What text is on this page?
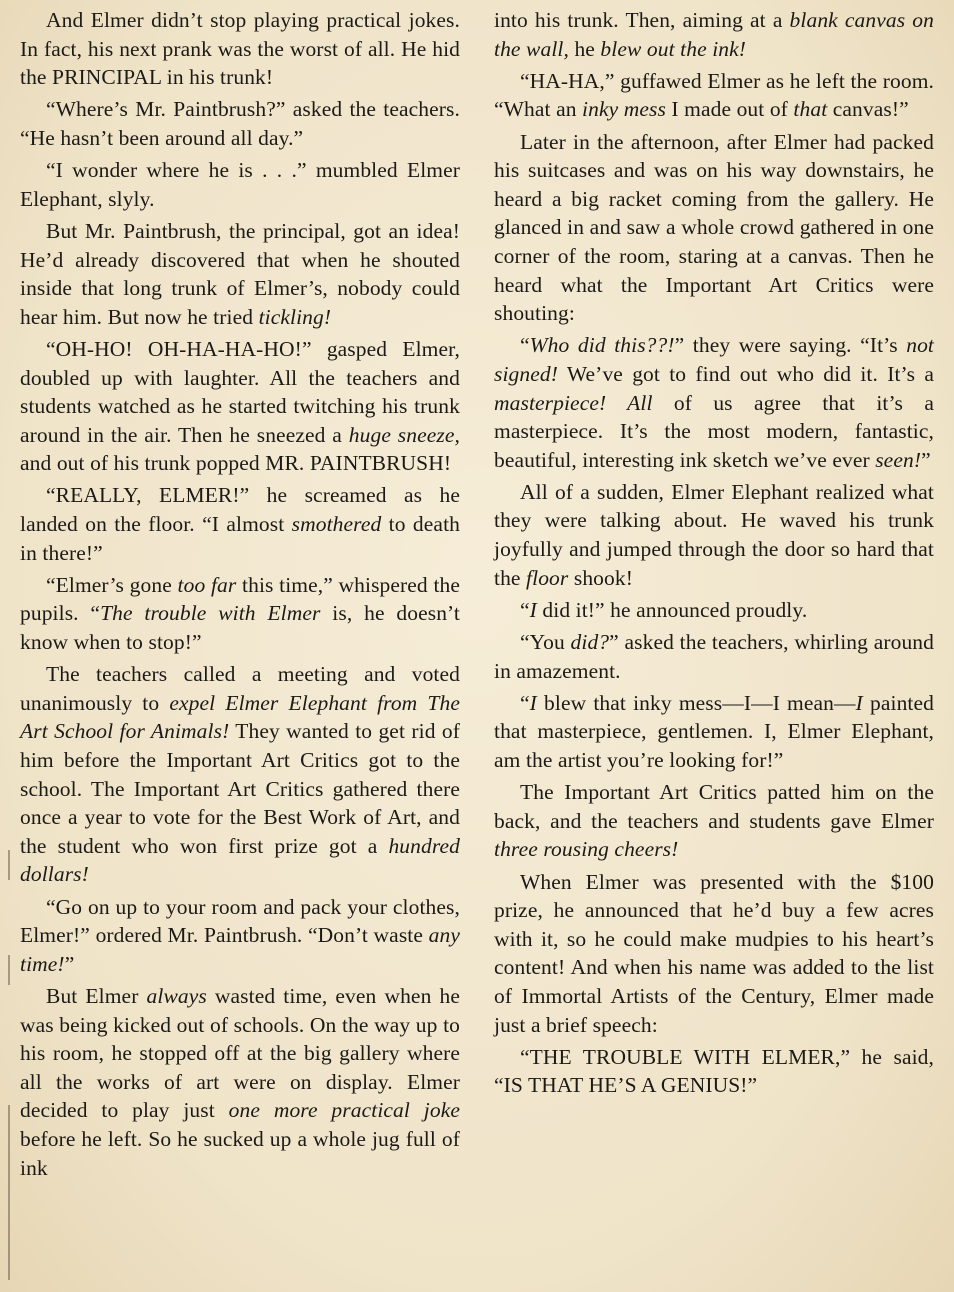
And Elmer didn’t stop playing practical jokes. In fact, his next prank was the worst of all. He hid the PRINCIPAL in his trunk!

“Where’s Mr. Paintbrush?” asked the teachers. “He hasn’t been around all day.”

“I wonder where he is . . .” mumbled Elmer Elephant, slyly.

But Mr. Paintbrush, the principal, got an idea! He’d already discovered that when he shouted inside that long trunk of Elmer’s, nobody could hear him. But now he tried tickling!

“OH-HO! OH-HA-HA-HO!” gasped Elmer, doubled up with laughter. All the teachers and students watched as he started twitching his trunk around in the air. Then he sneezed a huge sneeze, and out of his trunk popped MR. PAINTBRUSH!

“REALLY, ELMER!” he screamed as he landed on the floor. “I almost smothered to death in there!”

“Elmer’s gone too far this time,” whispered the pupils. “The trouble with Elmer is, he doesn’t know when to stop!”

The teachers called a meeting and voted unanimously to expel Elmer Elephant from The Art School for Animals! They wanted to get rid of him before the Important Art Critics got to the school. The Important Art Critics gathered there once a year to vote for the Best Work of Art, and the student who won first prize got a hundred dollars!

“Go on up to your room and pack your clothes, Elmer!” ordered Mr. Paintbrush. “Don’t waste any time!”

But Elmer always wasted time, even when he was being kicked out of schools. On the way up to his room, he stopped off at the big gallery where all the works of art were on display. Elmer decided to play just one more practical joke before he left. So he sucked up a whole jug full of ink

into his trunk. Then, aiming at a blank canvas on the wall, he blew out the ink!

“HA-HA,” guffawed Elmer as he left the room. “What an inky mess I made out of that canvas!”

Later in the afternoon, after Elmer had packed his suitcases and was on his way downstairs, he heard a big racket coming from the gallery. He glanced in and saw a whole crowd gathered in one corner of the room, staring at a canvas. Then he heard what the Important Art Critics were shouting:

“Who did this??!” they were saying. “It’s not signed! We’ve got to find out who did it. It’s a masterpiece! All of us agree that it’s a masterpiece. It’s the most modern, fantastic, beautiful, interesting ink sketch we’ve ever seen!”

All of a sudden, Elmer Elephant realized what they were talking about. He waved his trunk joyfully and jumped through the door so hard that the floor shook!

“I did it!” he announced proudly.

“You did?” asked the teachers, whirling around in amazement.

“I blew that inky mess—I—I mean—I painted that masterpiece, gentlemen. I, Elmer Elephant, am the artist you’re looking for!”

The Important Art Critics patted him on the back, and the teachers and students gave Elmer three rousing cheers!

When Elmer was presented with the $100 prize, he announced that he’d buy a few acres with it, so he could make mudpies to his heart’s content! And when his name was added to the list of Immortal Artists of the Century, Elmer made just a brief speech:

“THE TROUBLE WITH ELMER,” he said, “IS THAT HE’S A GENIUS!”
